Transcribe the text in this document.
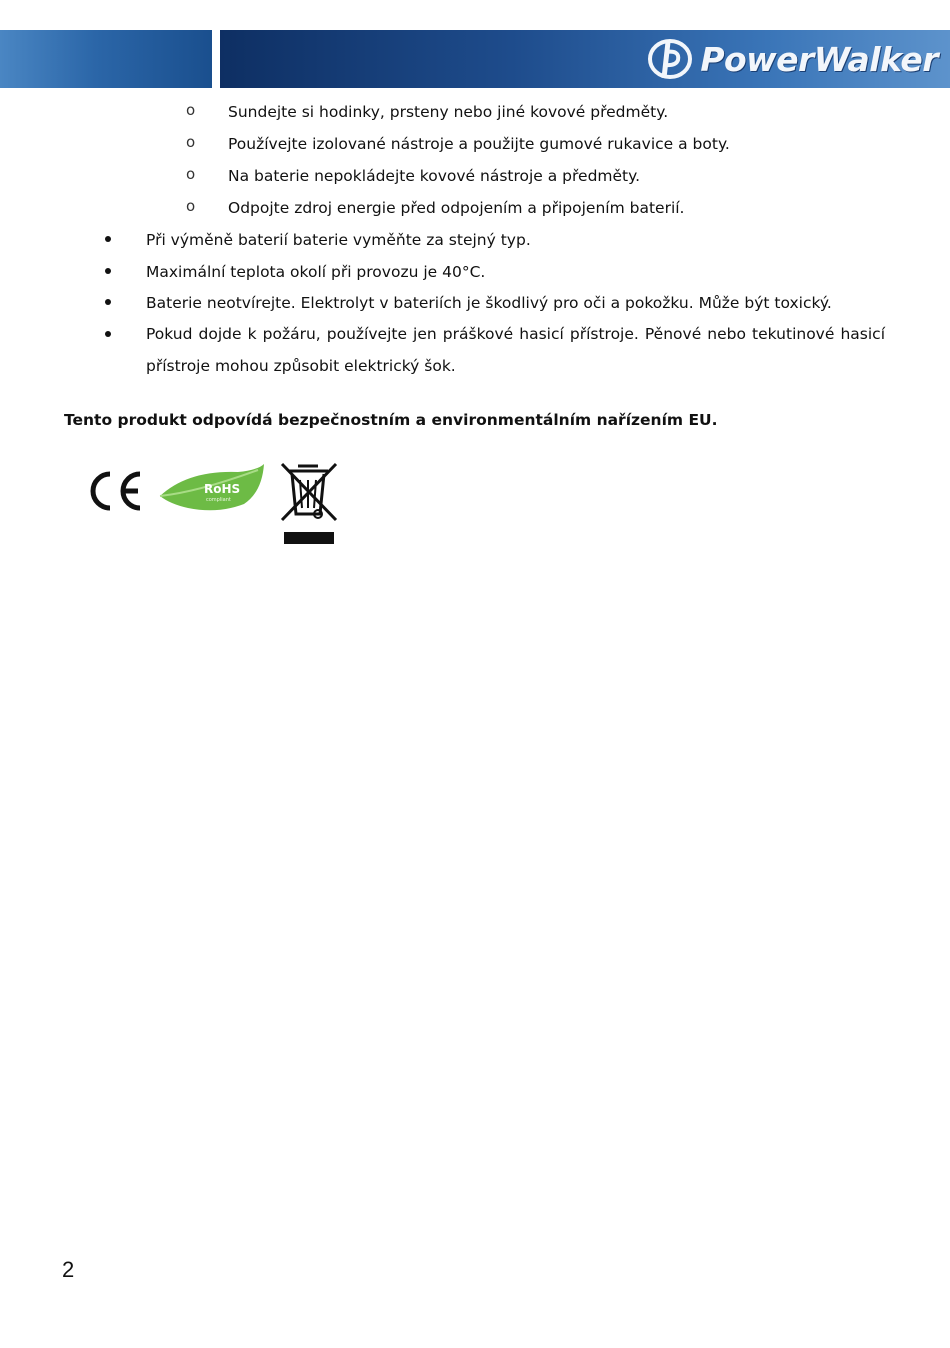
PowerWalker
o Sundejte si hodinky, prsteny nebo jiné kovové předměty.
o Používejte izolované nástroje a použijte gumové rukavice a boty.
o Na baterie nepokládejte kovové nástroje a předměty.
o Odpojte zdroj energie před odpojením a připojením baterií.
Při výměně baterií baterie vyměňte za stejný typ.
Maximální teplota okolí při provozu je 40°C.
Baterie neotvírejte. Elektrolyt v bateriích je škodlivý pro oči a pokožku. Může být toxický.
Pokud dojde k požáru, používejte jen práškové hasicí přístroje. Pěnové nebo tekutinové hasicí
přístroje mohou způsobit elektrický šok.
Tento produkt odpovídá bezpečnostním a environmentálním nařízením EU.
RoHS
compliant
2
